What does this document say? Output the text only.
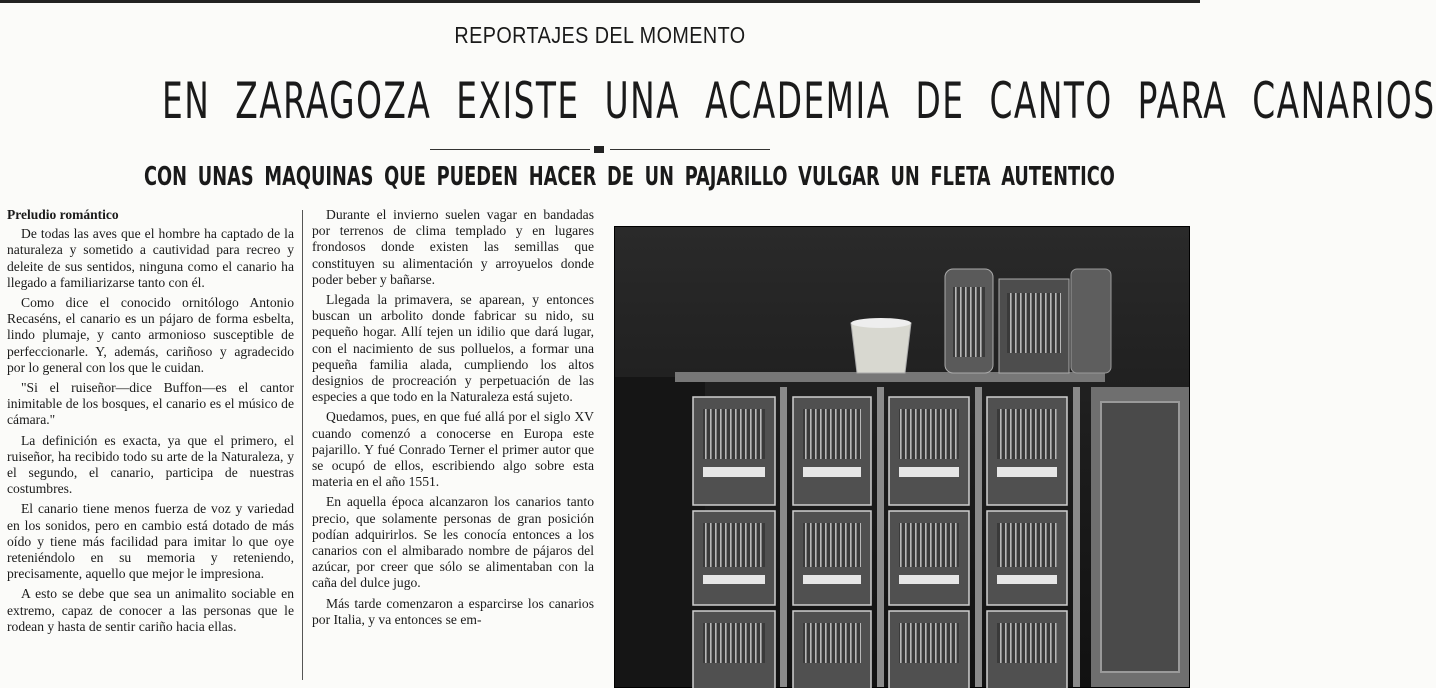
REPORTAJES DEL MOMENTO
EN ZARAGOZA EXISTE UNA ACADEMIA DE CANTO PARA CANARIOS
CON UNAS MAQUINAS QUE PUEDEN HACER DE UN PAJARILLO VULGAR UN FLETA AUTENTICO

Preludio romántico

De todas las aves que el hombre ha captado de la naturaleza y sometido a cautividad para recreo y deleite de sus sentidos, ninguna como el canario ha llegado a familiarizarse tanto con él.

Como dice el conocido ornitólogo Antonio Recaséns, el canario es un pájaro de forma esbelta, lindo plumaje, y canto armonioso susceptible de perfeccionarle. Y, además, cariñoso y agradecido por lo general con los que le cuidan.

"Si el ruiseñor—dice Buffon—es el cantor inimitable de los bosques, el canario es el músico de cámara."

La definición es exacta, ya que el primero, el ruiseñor, ha recibido todo su arte de la Naturaleza, y el segundo, el canario, participa de nuestras costumbres.

El canario tiene menos fuerza de voz y variedad en los sonidos, pero en cambio está dotado de más oído y tiene más facilidad para imitar lo que oye reteniéndolo en su memoria y reteniendo, precisamente, aquello que mejor le impresiona.

A esto se debe que sea un animalito sociable en extremo, capaz de conocer a las personas que le rodean y hasta de sentir cariño hacia ellas.

Durante el invierno suelen vagar en bandadas por terrenos de clima templado y en lugares frondosos donde existen las semillas que constituyen su alimentación y arroyuelos donde poder beber y bañarse.

Llegada la primavera, se aparean, y entonces buscan un arbolito donde fabricar su nido, su pequeño hogar. Allí tejen un idilio que dará lugar, con el nacimiento de sus polluelos, a formar una pequeña familia alada, cumpliendo los altos designios de procreación y perpetuación de las especies a que todo en la Naturaleza está sujeto.

Quedamos, pues, en que fué allá por el siglo XV cuando comenzó a conocerse en Europa este pajarillo. Y fué Conrado Terner el primer autor que se ocupó de ellos, escribiendo algo sobre esta materia en el año 1551.

En aquella época alcanzaron los canarios tanto precio, que solamente personas de gran posición podían adquirirlos. Se les conocía entonces a los canarios con el almibarado nombre de pájaros del azúcar, por creer que sólo se alimentaban con la caña del dulce jugo.

Más tarde comenzaron a esparcirse los canarios por Italia, y va entonces se em-
